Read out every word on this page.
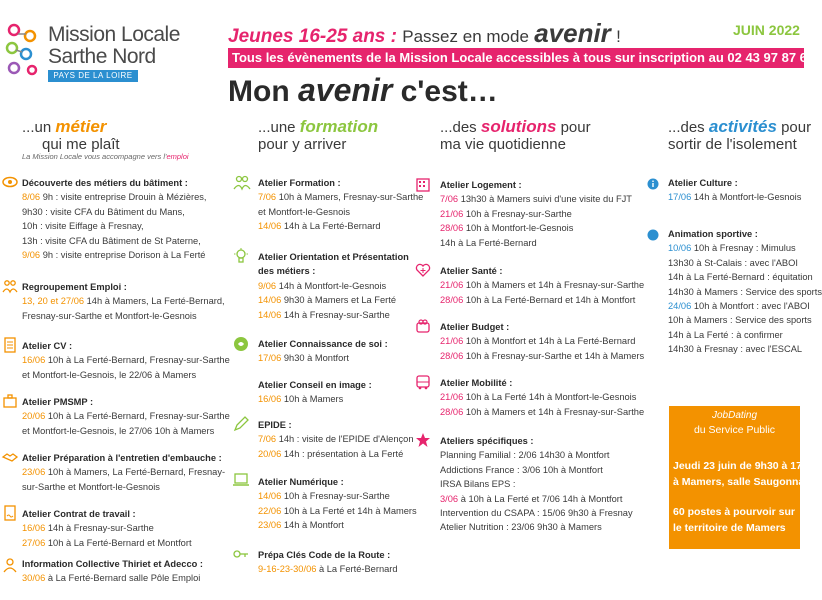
Mission Locale
Sarthe Nord
PAYS DE LA LOIRE
Jeunes 16-25 ans : Passez en mode avenir !	JUIN 2022
Tous les évènements de la Mission Locale accessibles à tous sur inscription au 02 43 97 87 65.
Mon avenir c'est…
...un métier
qui me plaît
La Mission Locale vous accompagne vers l'emploi
...une formation
pour y arriver
...des solutions pour
ma vie quotidienne
...des activités pour
sortir de l'isolement
Découverte des métiers du bâtiment :
8/06 9h : visite entreprise Drouin à Mézières,
9h30 : visite CFA du Bâtiment du Mans,
10h : visite Eiffage à Fresnay,
13h : visite CFA du Bâtiment de St Paterne,
9/06 9h : visite entreprise Dorison à La Ferté
Regroupement Emploi :
13, 20 et 27/06 14h à Mamers, La Ferté-Bernard,
Fresnay-sur-Sarthe et Montfort-le-Gesnois
Atelier CV :
16/06 10h à La Ferté-Bernard, Fresnay-sur-Sarthe
et Montfort-le-Gesnois, le 22/06 à Mamers
Atelier PMSMP :
20/06 10h à La Ferté-Bernard, Fresnay-sur-Sarthe
et Montfort-le-Gesnois, le 27/06 10h à Mamers
Atelier Préparation à l'entretien d'embauche :
23/06 10h à Mamers, La Ferté-Bernard, Fresnay-
sur-Sarthe et Montfort-le-Gesnois
Atelier Contrat de travail :
16/06 14h à Fresnay-sur-Sarthe
27/06 10h à La Ferté-Bernard et Montfort
Information Collective Thiriet et Adecco :
30/06 à La Ferté-Bernard salle Pôle Emploi
Atelier Formation :
7/06 10h à Mamers, Fresnay-sur-Sarthe
et Montfort-le-Gesnois
14/06 14h à La Ferté-Bernard
Atelier Orientation et Présentation
des métiers :
9/06 14h à Montfort-le-Gesnois
14/06 9h30 à Mamers et La Ferté
14/06 14h à Fresnay-sur-Sarthe
Atelier Connaissance de soi :
17/06 9h30 à Montfort
Atelier Conseil en image :
16/06 10h à Mamers
EPIDE :
7/06 14h : visite de l'EPIDE d'Alençon
20/06 14h : présentation à La Ferté
Atelier Numérique :
14/06 10h à Fresnay-sur-Sarthe
22/06 10h à La Ferté et 14h à Mamers
23/06 14h à Montfort
Prépa Clés Code de la Route :
9-16-23-30/06 à La Ferté-Bernard
Atelier Logement :
7/06 13h30 à Mamers suivi d'une visite du FJT
21/06 10h à Fresnay-sur-Sarthe
28/06 10h à Montfort-le-Gesnois
14h à La Ferté-Bernard
Atelier Santé :
21/06 10h à Mamers et 14h à Fresnay-sur-Sarthe
28/06 10h à La Ferté-Bernard et 14h à Montfort
Atelier Budget :
21/06 10h à Montfort et 14h à La Ferté-Bernard
28/06 10h à Fresnay-sur-Sarthe et 14h à Mamers
Atelier Mobilité :
21/06 10h à La Ferté 14h à Montfort-le-Gesnois
28/06 10h à Mamers et 14h à Fresnay-sur-Sarthe
Ateliers spécifiques :
Planning Familial : 2/06 14h30 à Montfort
Addictions France : 3/06 10h à Montfort
IRSA Bilans EPS :
3/06 à 10h à La Ferté et 7/06 14h à Montfort
Intervention du CSAPA : 15/06 9h30 à Fresnay
Atelier Nutrition : 23/06 9h30 à Mamers
Atelier Culture :
17/06 14h à Montfort-le-Gesnois
Animation sportive :
10/06 10h à Fresnay : Mimulus
13h30 à St-Calais : avec l'ABOI
14h à La Ferté-Bernard : équitation
14h30 à Mamers : Service des sports
24/06 10h à Montfort : avec l'ABOI
10h à Mamers : Service des sports
14h à La Ferté : à confirmer
14h30 à Fresnay : avec l'ESCAL
JobDating
du Service Public
Jeudi 23 juin de 9h30 à 17h
à Mamers, salle Saugonna
60 postes à pourvoir sur
le territoire de Mamers
